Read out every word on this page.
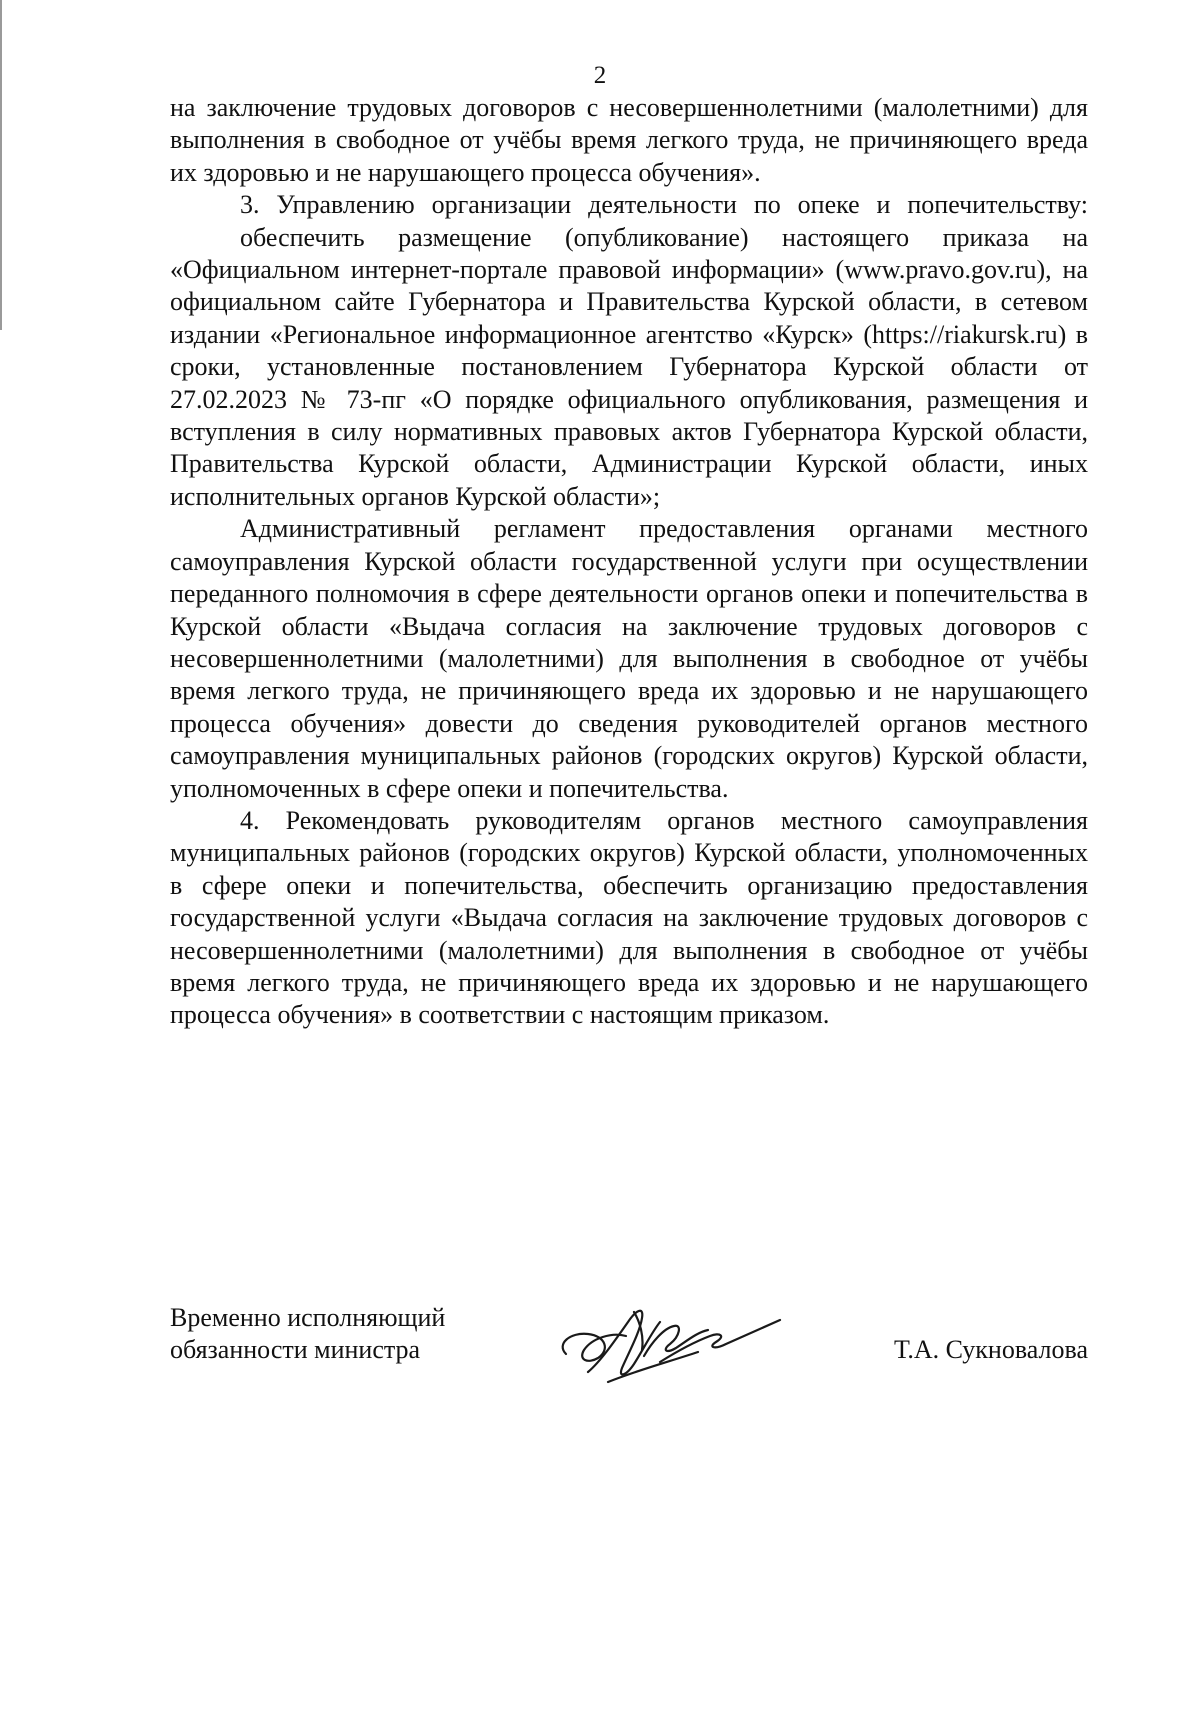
2

на заключение трудовых договоров с несовершеннолетними (малолетними) для выполнения в свободное от учёбы время легкого труда, не причиняющего вреда их здоровью и не нарушающего процесса обучения».

3. Управлению организации деятельности по опеке и попечительству:

обеспечить размещение (опубликование) настоящего приказа на «Официальном интернет-портале правовой информации» (www.pravo.gov.ru), на официальном сайте Губернатора и Правительства Курской области, в сетевом издании «Региональное информационное агентство «Курск» (https://riakursk.ru) в сроки, установленные постановлением Губернатора Курской области от 27.02.2023 № 73-пг «О порядке официального опубликования, размещения и вступления в силу нормативных правовых актов Губернатора Курской области, Правительства Курской области, Администрации Курской области, иных исполнительных органов Курской области»;

Административный регламент предоставления органами местного самоуправления Курской области государственной услуги при осуществлении переданного полномочия в сфере деятельности органов опеки и попечительства в Курской области «Выдача согласия на заключение трудовых договоров с несовершеннолетними (малолетними) для выполнения в свободное от учёбы время легкого труда, не причиняющего вреда их здоровью и не нарушающего процесса обучения» довести до сведения руководителей органов местного самоуправления муниципальных районов (городских округов) Курской области, уполномоченных в сфере опеки и попечительства.

4. Рекомендовать руководителям органов местного самоуправления муниципальных районов (городских округов) Курской области, уполномоченных в сфере опеки и попечительства, обеспечить организацию предоставления государственной услуги «Выдача согласия на заключение трудовых договоров с несовершеннолетними (малолетними) для выполнения в свободное от учёбы время легкого труда, не причиняющего вреда их здоровью и не нарушающего процесса обучения» в соответствии с настоящим приказом.

Временно исполняющий
обязанности министра	Т.А. Сукновалова
